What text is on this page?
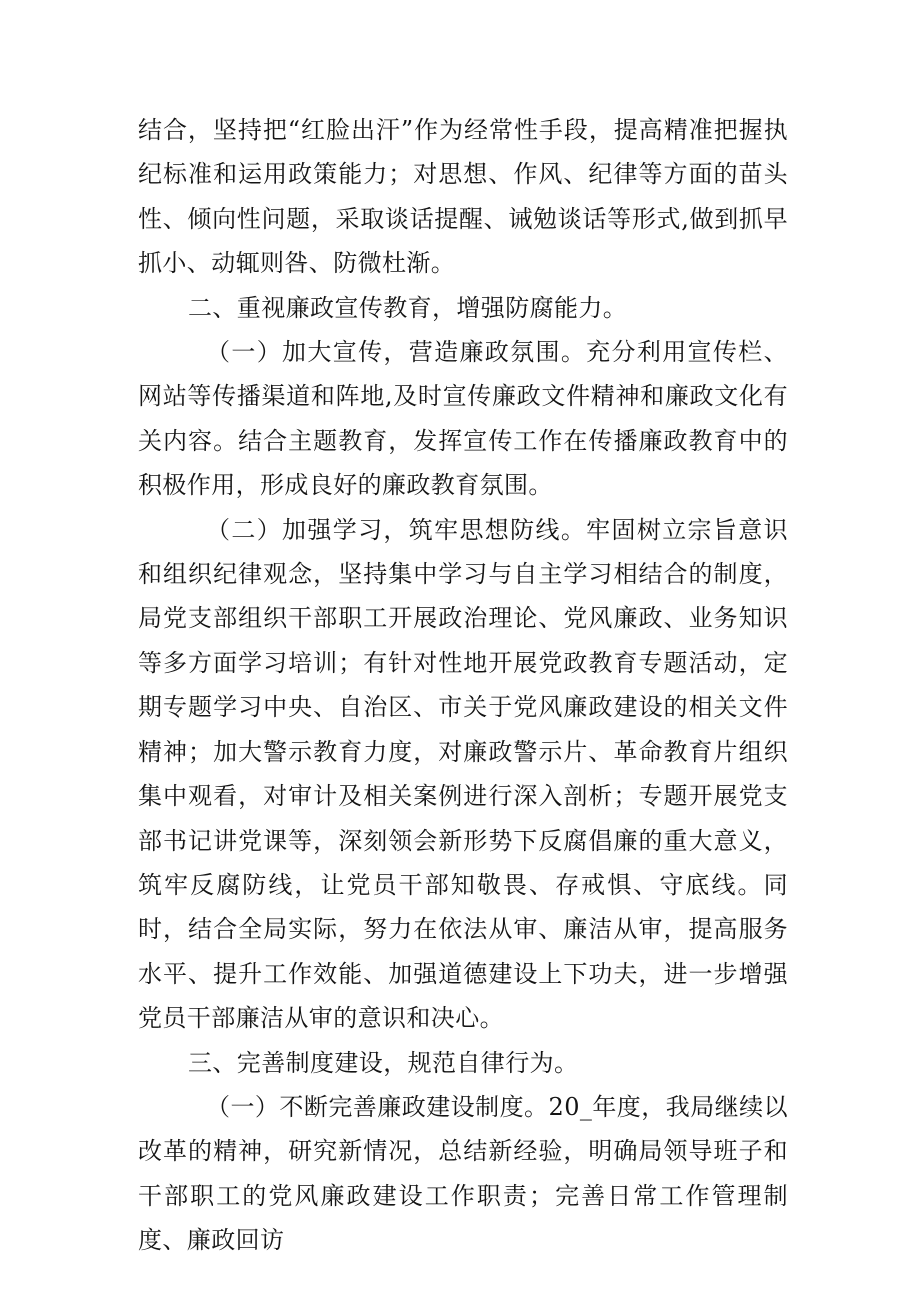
结合，坚持把“红脸出汗”作为经常性手段，提高精准把握执纪标准和运用政策能力；对思想、作风、纪律等方面的苗头性、倾向性问题，采取谈话提醒、诫勉谈话等形式,做到抓早抓小、动辄则咎、防微杜渐。

二、重视廉政宣传教育，增强防腐能力。

（一）加大宣传，营造廉政氛围。充分利用宣传栏、网站等传播渠道和阵地,及时宣传廉政文件精神和廉政文化有关内容。结合主题教育，发挥宣传工作在传播廉政教育中的积极作用，形成良好的廉政教育氛围。

（二）加强学习，筑牢思想防线。牢固树立宗旨意识和组织纪律观念，坚持集中学习与自主学习相结合的制度，局党支部组织干部职工开展政治理论、党风廉政、业务知识等多方面学习培训；有针对性地开展党政教育专题活动，定期专题学习中央、自治区、市关于党风廉政建设的相关文件精神；加大警示教育力度，对廉政警示片、革命教育片组织集中观看，对审计及相关案例进行深入剖析；专题开展党支部书记讲党课等，深刻领会新形势下反腐倡廉的重大意义，筑牢反腐防线，让党员干部知敬畏、存戒惧、守底线。同时，结合全局实际，努力在依法从审、廉洁从审，提高服务水平、提升工作效能、加强道德建设上下功夫，进一步增强党员干部廉洁从审的意识和决心。

三、完善制度建设，规范自律行为。

（一）不断完善廉政建设制度。20_年度，我局继续以改革的精神，研究新情况，总结新经验，明确局领导班子和干部职工的党风廉政建设工作职责；完善日常工作管理制度、廉政回访
